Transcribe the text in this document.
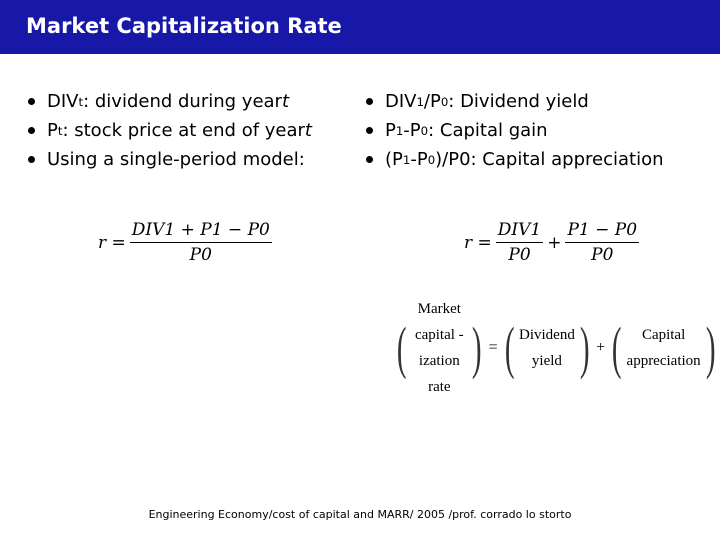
Market Capitalization Rate
DIV t : dividend during year t
P t : stock price at end of year t
Using a single-period model:
DIV 1 /P 0 : Dividend yield
P 1 -P 0 : Capital gain
(P 1 -P 0 )/P0: Capital appreciation
$r = \frac{\text{DIV1 + P1 − P0}}{P0}$	$r = \frac{\text{DIV1}}{P0} + \frac{P1 - P0}{P0}$
(
Market capital -
ization rate
) = ( Dividend
yield ) + ( Capital
appreciation )
Engineering Economy/cost of capital and MARR/ 2005 /prof. corrado lo storto
